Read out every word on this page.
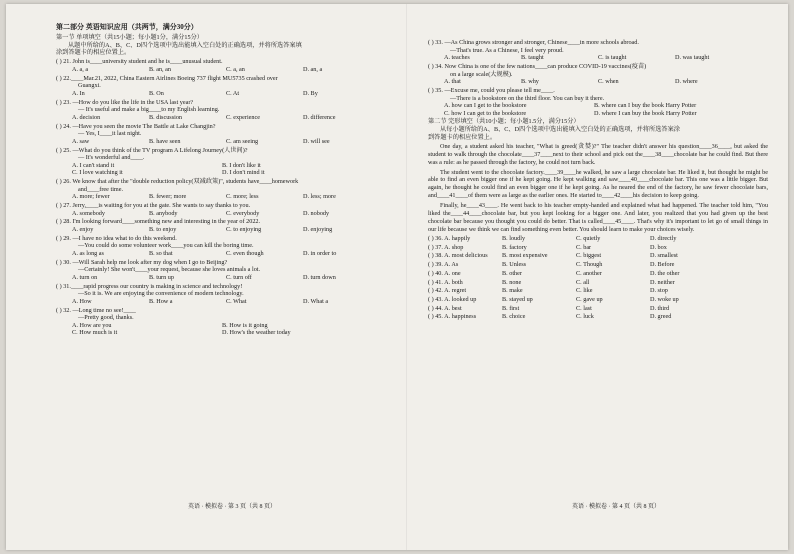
第二部分 英语知识应用（共两节，满分30分）
第一节 单项填空（共15小题；每小题1分，满分15分）
从题中所给的A、B、C、D四个选项中选出能填入空白处的正确选项，并将所选答案填
涂到答题卡的相应位置上。
( ) 21. John is____university student and he is____unusual student.
A. a, a	B. an, an	C. a, an	D. an, a
( ) 22.____Mar.21, 2022, China Eastern Airlines Boeing 737 flight MU5735 crashed over
Guangxi.
A. In	B. On	C. At	D. By
( ) 23. —How do you like the life in the USA last year?
— It's useful and make a big____to my English learning.
A. decision	B. discussion	C. experience	D. difference
( ) 24. —Have you seen the movie The Battle at Lake Changjin?
— Yes, I____it last night.
A. saw	B. have seen	C. am seeing	D. will see
( ) 25. —What do you think of the TV program A Lifelong Journey(人世间)?
— It's wonderful and____.
A. I can't stand it	B. I don't like it
C. I love watching it	D. I don't mind it
( ) 26. We know that after the "double reduction policy(双减政策)", students have____homework
and____free time.
A. more; fewer	B. fewer; more	C. more; less	D. less; more
( ) 27. Jerry,____is waiting for you at the gate. She wants to say thanks to you.
A. somebody	B. anybody	C. everybody	D. nobody
( ) 28. I'm looking forward____something new and interesting in the year of 2022.
A. enjoy	B. to enjoy	C. to enjoying	D. enjoying
( ) 29. —I have no idea what to do this weekend.
—You could do some volunteer work____you can kill the boring time.
A. as long as	B. so that	C. even though	D. in order to
( ) 30. —Will Sarah help me look after my dog when I go to Beijing?
—Certainly! She won't____your request, because she loves animals a lot.
A. turn on	B. turn up	C. turn off	D. turn down
( ) 31.____rapid progress our country is making in science and technology!
—So it is. We are enjoying the convenience of modern technology.
A. How	B. How a	C. What	D. What a
( ) 32. —Long time no see!____
—Pretty good, thanks.
A. How are you	B. How is it going
C. How much is it	D. How's the weather today
( ) 33. —As China grows stronger and stronger, Chinese____in more schools abroad.
—That's true. As a Chinese, I feel very proud.
A. teaches	B. taught	C. is taught	D. was taught
( ) 34. Now China is one of the few nations____can produce COVID-19 vaccines(疫苗)
on a large scale(大规模).
A. that	B. why	C. when	D. where
( ) 35. —Excuse me, could you please tell me____.
—There is a bookstore on the third floor. You can buy it there.
A. how can I get to the bookstore	B. where can I buy the book Harry Potter
C. how I can get to the bookstore	D. where I can buy the book Harry Potter
第二节 完形填空（共10小题；每小题1.5分，满分15分）
从每小题所给的A、B、C、D四个选项中选出能填入空白处的正确选项，并将所选答案涂
到答题卡的相应位置上。
One day, a student asked his teacher, "What is greed(贪婪)?" The teacher didn't answer his question____36____, but asked the student to walk through the chocolate____37____next to their school and pick out the____38____chocolate bar he could find. But there was a rule: as he passed through the factory, he could not turn back.
The student went to the chocolate factory.____39____he walked, he saw a large chocolate bar. He liked it, but thought he might be able to find an even bigger one if he kept going. He kept walking and saw____40____chocolate bar. This one was a little bigger. But again, he thought he could find an even bigger one if he kept going. As he neared the end of the factory, he saw fewer chocolate bars, and____41____of them were as large as the earlier ones. He started to____42____his decision to keep going.
Finally, he____43____. He went back to his teacher empty-handed and explained what had happened. The teacher told him, "You liked the____44____chocolate bar, but you kept looking for a bigger one. And later, you realized that you had given up the best chocolate bar because you thought you could do better. That is called____45____. That's why it's important to let go of small things in our life because we think we can find something even better. You should learn to make your choices wisely.
( ) 36. A. happily	B. loudly	C. quietly	D. directly
( ) 37. A. shop	B. factory	C. bar	D. box
( ) 38. A. most delicious	B. most expensive	C. biggest	D. smallest
( ) 39. A. As	B. Unless	C. Though	D. Before
( ) 40. A. one	B. other	C. another	D. the other
( ) 41. A. both	B. none	C. all	D. neither
( ) 42. A. regret	B. make	C. like	D. stop
( ) 43. A. looked up	B. stayed up	C. gave up	D. woke up
( ) 44. A. best	B. first	C. last	D. third
( ) 45. A. happiness	B. choice	C. luck	D. greed
英语 · 模拟卷 · 第 3 页（共 8 页）	英语 · 模拟卷 · 第 4 页（共 8 页）
